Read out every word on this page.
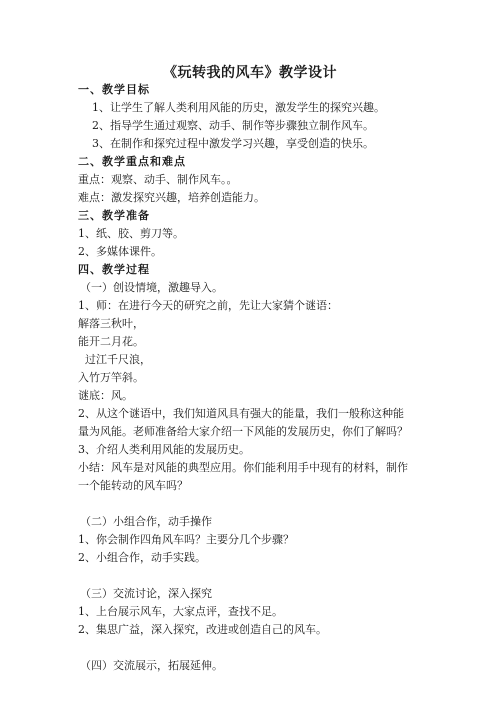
《玩转我的风车》教学设计
一、教学目标
1、让学生了解人类利用风能的历史，激发学生的探究兴趣。
2、指导学生通过观察、动手、制作等步骤独立制作风车。
3、在制作和探究过程中激发学习兴趣，享受创造的快乐。
二、教学重点和难点
重点：观察、动手、制作风车。。
难点：激发探究兴趣，培养创造能力。
三、教学准备
1、纸、胶、剪刀等。
2、多媒体课件。
四、教学过程
（一）创设情境，激趣导入。
1、师：在进行今天的研究之前，先让大家猜个谜语：
解落三秋叶，
能开二月花。
过江千尺浪，
入竹万竿斜。
谜底：风。
2、从这个谜语中，我们知道风具有强大的能量，我们一般称这种能
量为风能。老师准备给大家介绍一下风能的发展历史，你们了解吗？
3、介绍人类利用风能的发展历史。
小结：风车是对风能的典型应用。你们能利用手中现有的材料，制作
一个能转动的风车吗？
（二）小组合作，动手操作
1、你会制作四角风车吗？主要分几个步骤？
2、小组合作，动手实践。
（三）交流讨论，深入探究
1、上台展示风车，大家点评，查找不足。
2、集思广益，深入探究，改进或创造自己的风车。
（四）交流展示，拓展延伸。
